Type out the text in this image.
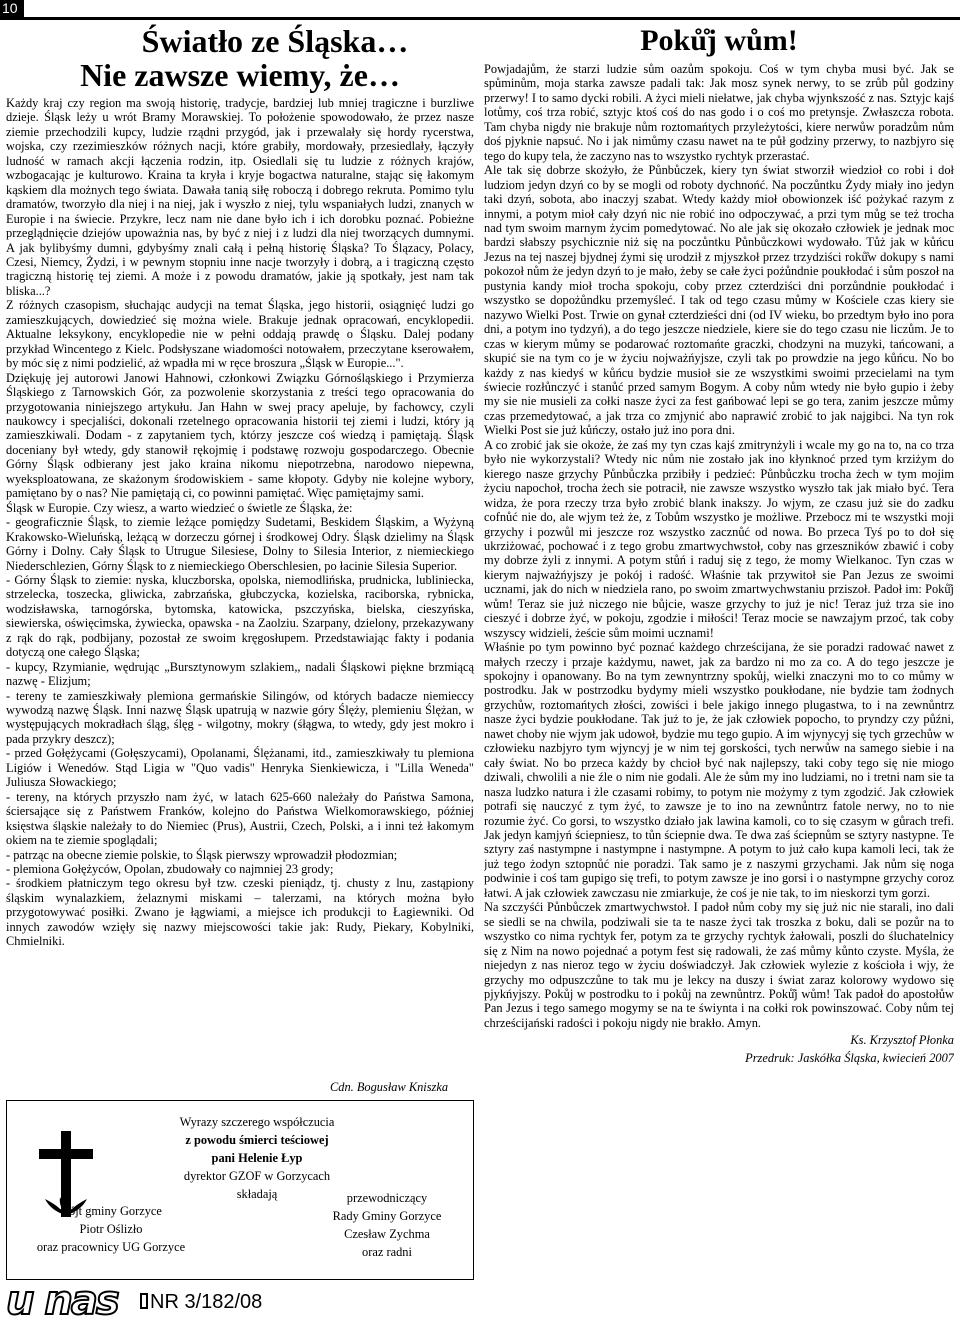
10
Światło ze Śląska…
Nie zawsze wiemy, że…

Każdy kraj czy region ma swoją historię, tradycje, bardziej lub mniej tragiczne i burzliwe dzieje. Śląsk leży u wrót Bramy Morawskiej. To położenie spowodowało, że przez nasze ziemie przechodzili kupcy, ludzie rządni przygód, jak i przewalały się hordy rycerstwa, wojska, czy rzezimieszków różnych nacji, które grabiły, mordowały, przesiedlały, łączyły ludność w ramach akcji łączenia rodzin, itp. Osiedlali się tu ludzie z różnych krajów, wzbogacając je kulturowo. Kraina ta kryła i kryje bogactwa naturalne, stając się łakomym kąskiem dla możnych tego świata. Dawała tanią siłę roboczą i dobrego rekruta. Pomimo tylu dramatów, tworzyło dla niej i na niej, jak i wyszło z niej, tylu wspaniałych ludzi, znanych w Europie i na świecie. Przykre, lecz nam nie dane było ich i ich dorobku poznać. Pobieżne przeglądnięcie dziejów upoważnia nas, by być z niej i z ludzi dla niej tworzących dumnymi. A jak bylibyśmy dumni, gdybyśmy znali całą i pełną historię Śląska? To Ślązacy, Polacy, Czesi, Niemcy, Żydzi, i w pewnym stopniu inne nacje tworzyły i dobrą, a i tragiczną często tragiczną historię tej ziemi. A może i z powodu dramatów, jakie ją spotkały, jest nam tak bliska...?

Z różnych czasopism, słuchając audycji na temat Śląska, jego historii, osiągnięć ludzi go zamieszkujących, dowiedzieć się można wiele. Brakuje jednak opracowań, encyklopedii. Aktualne leksykony, encyklopedie nie w pełni oddają prawdę o Śląsku. Dalej podany przykład Wincentego z Kielc. Podsłyszane wiadomości notowałem, przeczytane kserowałem, by móc się z nimi podzielić, aż wpadła mi w ręce broszura „Śląsk w Europie...".

Dziękuję jej autorowi Janowi Hahnowi, członkowi Związku Górnośląskiego i Przymierza Śląskiego z Tarnowskich Gór, za pozwolenie skorzystania z treści tego opracowania do przygotowania niniejszego artykułu. Jan Hahn w swej pracy apeluje, by fachowcy, czyli naukowcy i specjaliści, dokonali rzetelnego opracowania historii tej ziemi i ludzi, który ją zamieszkiwali. Dodam - z zapytaniem tych, którzy jeszcze coś wiedzą i pamiętają. Śląsk doceniany był wtedy, gdy stanowił rękojmię i podstawę rozwoju gospodarczego. Obecnie Górny Śląsk odbierany jest jako kraina nikomu niepotrzebna, narodowo niepewna, wyeksploatowana, ze skażonym środowiskiem - same kłopoty. Gdyby nie kolejne wybory, pamiętano by o nas? Nie pamiętają ci, co powinni pamiętać. Więc pamiętajmy sami.

Śląsk w Europie. Czy wiesz, a warto wiedzieć o świetle ze Śląska, że:

- geograficznie Śląsk, to ziemie leżące pomiędzy Sudetami, Beskidem Śląskim, a Wyżyną Krakowsko-Wieluńską, leżącą w dorzeczu górnej i środkowej Odry. Śląsk dzielimy na Śląsk Górny i Dolny. Cały Śląsk to Utrugue Silesiese, Dolny to Silesia Interior, z niemieckiego Niederschlezien, Górny Śląsk to z niemieckiego Oberschlesien, po łacinie Silesia Superior.

- Górny Śląsk to ziemie: nyska, kluczborska, opolska, niemodlińska, prudnicka, lubliniecka, strzelecka, toszecka, gliwicka, zabrzańska, głubczycka, kozielska, raciborska, rybnicka, wodzisławska, tarnogórska, bytomska, katowicka, pszczyńska, bielska, cieszyńska, siewierska, oświęcimska, żywiecka, opawska - na Zaolziu. Szarpany, dzielony, przekazywany z rąk do rąk, podbijany, pozostał ze swoim kręgosłupem. Przedstawiając fakty i podania dotyczą one całego Śląska;

- kupcy, Rzymianie, wędrując „Bursztynowym szlakiem,, nadali Śląskowi piękne brzmiącą nazwę - Elizjum;

- tereny te zamieszkiwały plemiona germańskie Silingów, od których badacze niemieccy wywodzą nazwę Śląsk. Inni nazwę Śląsk upatrują w nazwie góry Ślęży, plemieniu Ślężan, w występujących mokradłach śląg, ślęg - wilgotny, mokry (śłągwa, to wtedy, gdy jest mokro i pada przykry deszcz);

- przed Gołężycami (Gołęszycami), Opolanami, Ślężanami, itd., zamieszkiwały tu plemiona Ligiów i Wenedów. Stąd Ligia w "Quo vadis" Henryka Sienkiewicza, i "Lilla Weneda" Juliusza Słowackiego;

- tereny, na których przyszło nam żyć, w latach 625-660 należały do Państwa Samona, ściersające się z Państwem Franków, kolejno do Państwa Wielkomorawskiego, później księstwa śląskie należały to do Niemiec (Prus), Austrii, Czech, Polski, a i inni też łakomym okiem na te ziemie spoglądali;

- patrząc na obecne ziemie polskie, to Śląsk pierwszy wprowadził płodozmian;

- plemiona Gołężyców, Opolan, zbudowały co najmniej 23 grody;

- środkiem płatniczym tego okresu był tzw. czeski pieniądz, tj. chusty z lnu, zastąpiony śląskim wynalazkiem, żelaznymi miskami – talerzami, na których można było przygotowywać posiłki. Zwano je łągwiami, a miejsce ich produkcji to Łagiewniki. Od innych zawodów wzięły się nazwy miejscowości takie jak: Rudy, Piekary, Kobylniki, Chmielniki.

Cdn. Bogusław Kniszka
Wyrazy szczerego współczucia
z powodu śmierci teściowej
pani Helenie Łyp
dyrektor GZOF w Gorzycach
składają
wójt gminy Gorzyce
Piotr Oślizło
oraz pracownicy UG Gorzyce
przewodniczący
Rady Gminy Gorzyce
Czesław Zychma
oraz radni
Poků̊j wům!

Powjadajům, że starzi ludzie sům oazům spokoju. Coś w tym chyba musi być. Jak se spůminům, moja starka zawsze padali tak: Jak mosz synek nerwy, to se zrůb půl godziny przerwy! I to samo dycki robili. A życi mieli niełatwe, jak chyba wjynkszość z nas. Sztyjc kajś lotůmy, coś trza robić, sztyjc ktoś coś do nas godo i o coś mo pretynsje. Zwłaszcza robota. Tam chyba nigdy nie brakuje nům roztomańtych przyleżytości, kiere nerwůw poradzům nům doś pjyknie napsuć. No i jak nimůmy czasu nawet na te půł godziny przerwy, to nazbjyro się tego do kupy tela, że zaczyno nas to wszystko rychtyk przerastać.

Ale tak się dobrze skożyło, że Půnbůczek, kiery tyn świat stworził wiedzioł co robi i doł ludziom jedyn dzyń co by se mogli od roboty dychnońć. Na poczůntku Żydy miały ino jedyn taki dzyń, sobota, abo inaczyj szabat. Wtedy każdy mioł obowionzek iść pożykać razym z innymi, a potym mioł cały dzyń nic nie robić ino odpoczywać, a przi tym můg se też trocha nad tym swoim marnym życim pomedytować. No ale jak się okozało człowiek je jednak moc bardzi słabszy psychicznie niż się na poczůntku Půnbůczkowi wydowało. Tůż jak w kůńcu Jezus na tej naszej bjydnej źymi się urodził z mjyszkoł przez trzydziści roků̊w dokupy s nami pokozoł nům że jedyn dzyń to je mało, żeby se całe życi pożůndnie poukłodać i sům poszoł na pustynia kandy mioł trocha spokoju, coby przez czterdziści dni porzůndnie poukłodać i wszystko se dopożůndku przemyśleć. I tak od tego czasu můmy w Kościele czas kiery sie nazywo Wielki Post. Trwie on gynał czterdzieści dni (od IV wieku, bo przedtym było ino pora dni, a potym ino tydzyń), a do tego jeszcze niedziele, kiere sie do tego czasu nie liczům. Je to czas w kierym můmy se podarować roztomańte graczki, chodzyni na muzyki, tańcowani, a skupić sie na tym co je w życiu nojważńyjsze, czyli tak po prowdzie na jego kůńcu. No bo każdy z nas kiedyś w kůńcu bydzie musioł sie ze wszystkimi swoimi przecielami na tym świecie rozłůnczyć i stanůć przed samym Bogym. A coby nům wtedy nie było gupio i żeby my sie nie musieli za cołki nasze życi za fest gańbować lepi se go tera, zanim jeszcze můmy czas przemedytować, a jak trza co zmjynić abo naprawić zrobić to jak najgibci. Na tyn rok Wielki Post sie już kůńczy, ostało już ino pora dni.

A co zrobić jak sie okoże, że zaś my tyn czas kajś zmitrynżyli i wcale my go na to, na co trza było nie wykorzystali? Wtedy nic nům nie zostało jak ino kłynknoć przed tym krziżym do kierego nasze grzychy Půnbůczka przibiły i pedzieć: Půnbůczku trocha żech w tym mojim życiu napochoł, trocha żech sie potracił, nie zawsze wszystko wyszło tak jak miało być. Tera widza, że pora rzeczy trza było zrobić blank inakszy. Jo wjym, ze czasu już sie do zadku cofnůć nie do, ale wjym też że, z Tobům wszystko je możliwe. Przebocz mi te wszystki moji grzychy i pozwůl mi jeszcze roz wszystko zacznůć od nowa. Bo przeca Tyś po to doł się ukrziżować, pochować i z tego grobu zmartwychwstoł, coby nas grzeszników zbawić i coby my dobrze żyli z innymi. A potym stůń i raduj się z tego, że momy Wielkanoc. Tyn czas w kierym najważńyjszy je pokój i radość. Właśnie tak przywitoł sie Pan Jezus ze swoimi ucznami, jak do nich w niedziela rano, po swoim zmartwychwstaniu prziszoł. Padoł im: Poků̊j wům! Teraz sie już niczego nie bůjcie, wasze grzychy to już je nic! Teraz już trza sie ino cieszyć i dobrze żyć, w pokoju, zgodzie i miłości! Teraz mocie se nawzajym przoć, tak coby wszyscy widzieli, żeście sům moimi ucznami!

Właśnie po tym powinno być poznać każdego chrześcijana, że sie poradzi radować nawet z małych rzeczy i przaje każdymu, nawet, jak za bardzo ni mo za co. A do tego jeszcze je spokojny i opanowany. Bo na tym zewnyntrzny spokůj, wielki znaczyni mo to co můmy w postrodku. Jak w postrzodku bydymy mieli wszystko poukłodane, nie bydzie tam żodnych grzychůw, roztomańtych złości, zowiści i bele jakigo innego plugastwa, to i na zewnůntrz nasze życi bydzie poukłodane. Tak już to je, że jak człowiek popocho, to pryndzy czy půźni, nawet choby nie wjym jak udowoł, bydzie mu tego gupio. A im wjynycyj się tych grzechůw w człowieku nazbjyro tym wjyncyj je w nim tej gorskości, tych nerwůw na samego siebie i na cały świat. No bo przeca każdy by chcioł być nak najlepszy, taki coby tego się nie miogo dziwali, chwolili a nie źle o nim nie godali. Ale że sům my ino ludziami, no i tretni nam sie ta nasza ludzko natura i żle czasami robimy, to potym nie możymy z tym zgodzić. Jak człowiek potrafi się nauczyć z tym żyć, to zawsze je to ino na zewnůntrz fatole nerwy, no to nie rozumie żyć. Co gorsi, to wszystko działo jak lawina kamoli, co to się czasym w gůrach trefi. Jak jedyn kamjyń ściepniesz, to tůn ściepnie dwa. Te dwa zaś ściepnům se sztyry nastypne. Te sztyry zaś nastympne i nastympne i nastympne. A potym to już cało kupa kamoli leci, tak że już tego żodyn sztopnůć nie poradzi. Tak samo je z naszymi grzychami. Jak nům się noga podwinie i coś tam gupigo się trefi, to potym zawsze je ino gorsi i o nastympne grzychy coroz łatwi. A jak człowiek zawczasu nie zmiarkuje, że coś je nie tak, to im nieskorzi tym gorzi.

Na szczyśći Půnbůczek zmartwychwstoł. I padoł nům coby my się już nic nie starali, ino dali se siedli se na chwila, podziwali sie ta te nasze życi tak troszka z boku, dali se pozůr na to wszystko co nima rychtyk fer, potym za te grzychy rychtyk żałowali, poszli do śluchatelnicy się z Nim na nowo pojednać a potym fest się radowali, że zaś můmy kůnto czyste. Myśla, że niejedyn z nas nieroz tego w życiu doświadczył. Jak człowiek wylezie z kościoła i wjy, że grzychy mo odpuszczůne to tak mu je lekcy na duszy i świat zaraz kolorowy wydowo się pjykńyjszy. Pokůj w postrodku to i pokůj na zewnůntrz. Poků̊j wům! Tak padoł do apostołůw Pan Jezus i tego samego mogymy se na te świynta i na cołki rok powinszować. Coby nům tej chrześcijański radości i pokoju nigdy nie brakło. Amyn.

Ks. Krzysztof Płonka

Przedruk: Jaskółka Śląska, kwiecień 2007

u nas	NR 3/182/08
